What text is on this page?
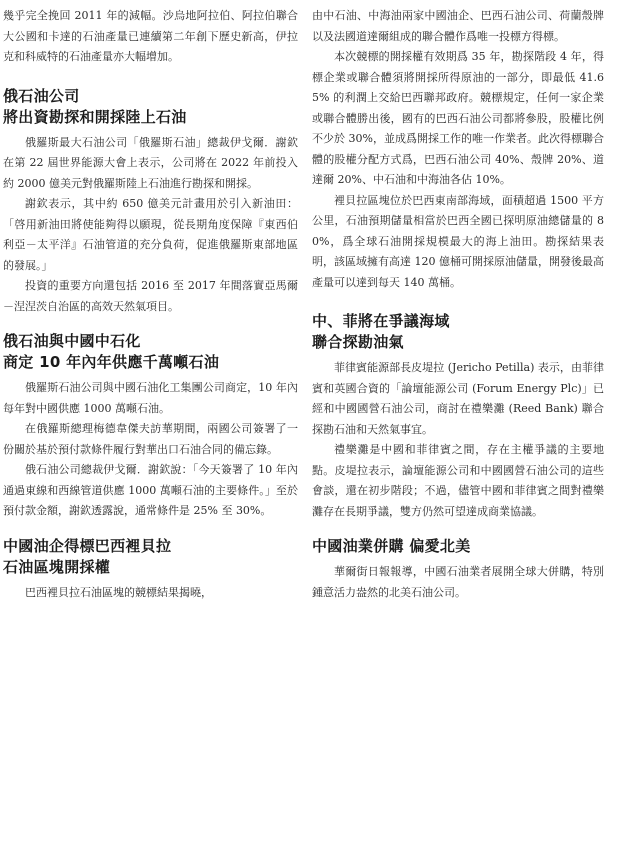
幾乎完全挽回 2011 年的減幅。沙烏地阿拉伯、阿拉伯聯合大公國和卡達的石油產量已連續第二年創下歷史新高，伊拉克和科威特的石油產量亦大幅增加。

俄石油公司
將出資勘探和開採陸上石油

俄羅斯最大石油公司「俄羅斯石油」總裁伊戈爾．謝欽在第 22 屆世界能源大會上表示，公司將在 2022 年前投入約 2000 億美元對俄羅斯陸上石油進行勘探和開採。

謝欽表示，其中約 650 億美元計畫用於引入新油田：「啓用新油田將使能夠得以願現，從長期角度保障『東西伯利亞－太平洋』石油管道的充分負荷，促進俄羅斯東部地區的發展。」

投資的重要方向還包括 2016 至 2017 年間落實亞馬爾－涅涅茨自治區的高效天然氣項目。

俄石油與中國中石化
商定 10 年內年供應千萬噸石油

俄羅斯石油公司與中國石油化工集團公司商定，10 年內每年對中國供應 1000 萬噸石油。

在俄羅斯總理梅德韋傑夫訪華期間，兩國公司簽署了一份關於基於預付款條件履行對華出口石油合同的備忘錄。

俄石油公司總裁伊戈爾．謝欽說：「今天簽署了 10 年內通過東線和西線管道供應 1000 萬噸石油的主要條件。」至於預付款金額，謝欽透露說，通常條件是 25% 至 30%。

中國油企得標巴西裡貝拉
石油區塊開採權

巴西裡貝拉石油區塊的競標結果揭曉，

由中石油、中海油兩家中國油企、巴西石油公司、荷蘭殼牌以及法國道達爾組成的聯合體作爲唯一投標方得標。

本次競標的開採權有效期爲 35 年，勘探階段 4 年，得標企業或聯合體須將開採所得原油的一部分，即最低 41.65% 的利潤上交給巴西聯邦政府。競標規定，任何一家企業或聯合體勝出後，國有的巴西石油公司都將參股，股權比例不少於 30%，並成爲開採工作的唯一作業者。此次得標聯合體的股權分配方式爲，巴西石油公司 40%、殼牌 20%、道達爾 20%、中石油和中海油各佔 10%。

裡貝拉區塊位於巴西東南部海域，面積超過 1500 平方公里，石油預期儲量相當於巴西全國已探明原油總儲量的 80%，爲全球石油開採規模最大的海上油田。勘探結果表明，該區域擁有高達 120 億桶可開採原油儲量，開發後最高產量可以達到每天 140 萬桶。

中、菲將在爭議海域
聯合探勘油氣

菲律賓能源部長皮堤拉 (Jericho Petilla) 表示，由菲律賓和英國合資的「論壇能源公司 (Forum Energy Plc)」已經和中國國營石油公司，商討在禮樂灘 (Reed Bank) 聯合探勘石油和天然氣事宜。

禮樂灘是中國和菲律賓之間，存在主權爭議的主要地點。皮堤拉表示，論壇能源公司和中國國營石油公司的這些會談，還在初步階段；不過，儘管中國和菲律賓之間對禮樂灘存在長期爭議，雙方仍然可望達成商業協議。

中國油業併購 偏愛北美

華爾街日報報導，中國石油業者展開全球大併購，特別鍾意活力盎然的北美石油公司。
